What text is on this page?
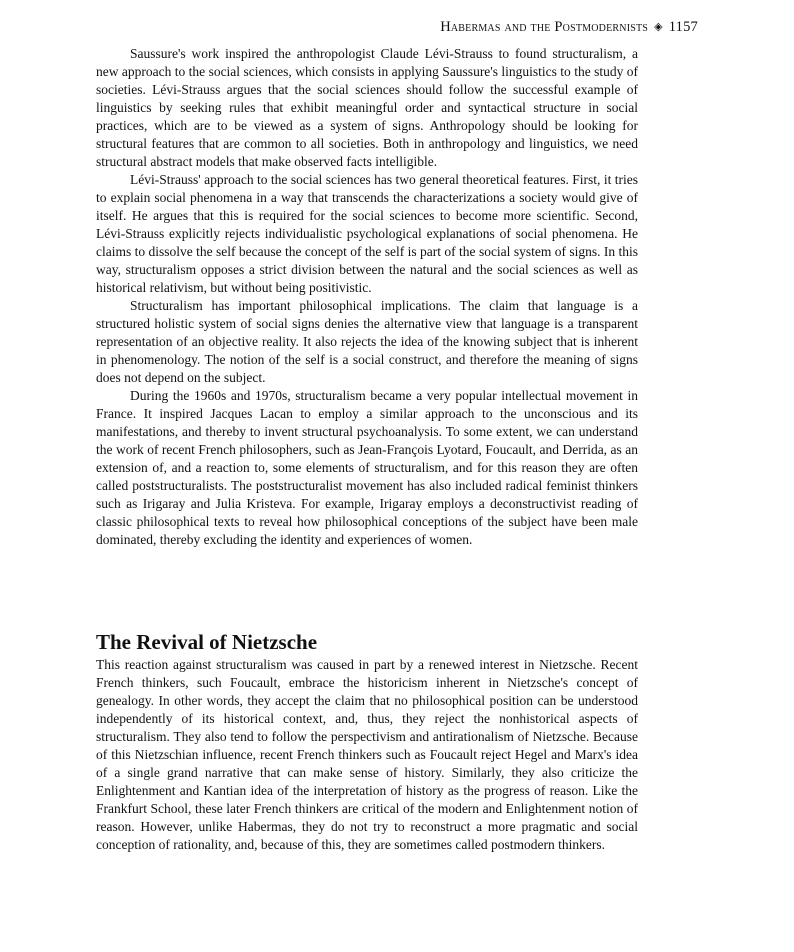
Habermas and the Postmodernists ◈ 1157

Saussure's work inspired the anthropologist Claude Lévi-Strauss to found structuralism, a new approach to the social sciences, which consists in applying Saussure's linguistics to the study of societies. Lévi-Strauss argues that the social sciences should follow the successful example of linguistics by seeking rules that exhibit meaningful order and syntactical structure in social practices, which are to be viewed as a system of signs. Anthropology should be looking for structural features that are common to all societies. Both in anthropology and linguistics, we need structural abstract models that make observed facts intelligible.

Lévi-Strauss' approach to the social sciences has two general theoretical features. First, it tries to explain social phenomena in a way that transcends the characterizations a society would give of itself. He argues that this is required for the social sciences to become more scientific. Second, Lévi-Strauss explicitly rejects individualistic psychological explanations of social phenomena. He claims to dissolve the self because the concept of the self is part of the social system of signs. In this way, structuralism opposes a strict division between the natural and the social sciences as well as historical relativism, but without being positivistic.

Structuralism has important philosophical implications. The claim that language is a structured holistic system of social signs denies the alternative view that language is a transparent representation of an objective reality. It also rejects the idea of the knowing subject that is inherent in phenomenology. The notion of the self is a social construct, and therefore the meaning of signs does not depend on the subject.

During the 1960s and 1970s, structuralism became a very popular intellectual movement in France. It inspired Jacques Lacan to employ a similar approach to the unconscious and its manifestations, and thereby to invent structural psychoanalysis. To some extent, we can understand the work of recent French philosophers, such as Jean-François Lyotard, Foucault, and Derrida, as an extension of, and a reaction to, some elements of structuralism, and for this reason they are often called poststructuralists. The poststructuralist movement has also included radical feminist thinkers such as Irigaray and Julia Kristeva. For example, Irigaray employs a deconstructivist reading of classic philosophical texts to reveal how philosophical conceptions of the subject have been male dominated, thereby excluding the identity and experiences of women.

The Revival of Nietzsche

This reaction against structuralism was caused in part by a renewed interest in Nietzsche. Recent French thinkers, such Foucault, embrace the historicism inherent in Nietzsche's concept of genealogy. In other words, they accept the claim that no philosophical position can be understood independently of its historical context, and, thus, they reject the nonhistorical aspects of structuralism. They also tend to follow the perspectivism and antirationalism of Nietzsche. Because of this Nietzschian influence, recent French thinkers such as Foucault reject Hegel and Marx's idea of a single grand narrative that can make sense of history. Similarly, they also criticize the Enlightenment and Kantian idea of the interpretation of history as the progress of reason. Like the Frankfurt School, these later French thinkers are critical of the modern and Enlightenment notion of reason. However, unlike Habermas, they do not try to reconstruct a more pragmatic and social conception of rationality, and, because of this, they are sometimes called postmodern thinkers.
